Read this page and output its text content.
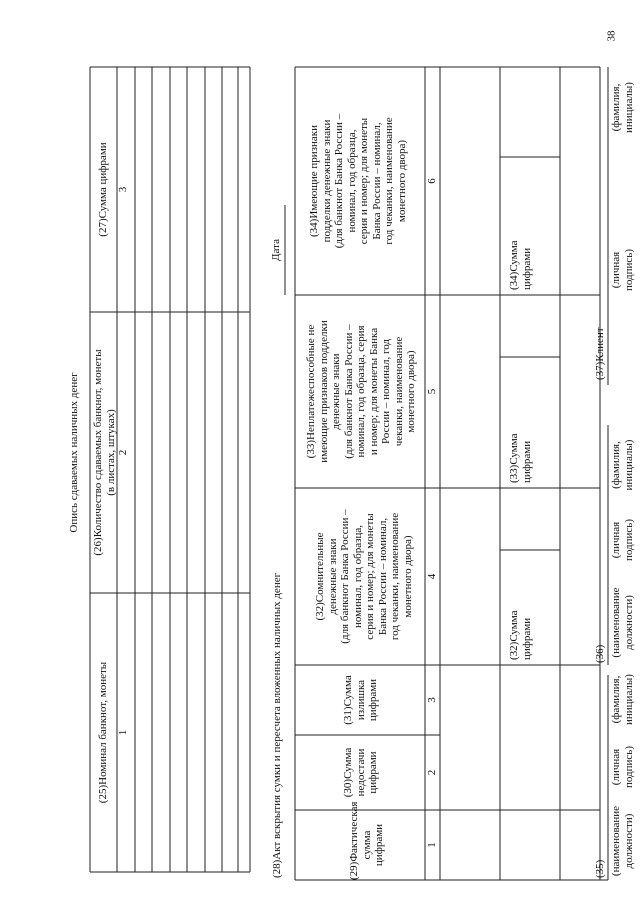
38
Опись сдаваемых наличных денег
(25)Номинал банкнот, монеты
(26)Количество сдаваемых банкнот, монеты
(в листах, штуках)
(27)Сумма цифрами
1
2
3
(28)Акт вскрытия сумки и пересчета вложенных наличных денег
Дата
(29)Фактическая
сумма цифрами
(30)Сумма
недостачи
цифрами
(31)Сумма
излишка
цифрами
(32)Сомнительные
денежные знаки
(для банкнот Банка России –
номинал, год образца,
серия и номер; для монеты
Банка России – номинал,
год чеканки, наименование
монетного двора)
(33)Неплатежеспособные не
имеющие признаков подделки
денежные знаки
(для банкнот Банка России –
номинал, год образца, серия
и номер; для монеты Банка
России – номинал, год
чеканки, наименование
монетного двора)
(34)Имеющие признаки
подделки денежные знаки
(для банкнот Банка России –
номинал, год образца,
серия и номер; для монеты
Банка России – номинал,
год чеканки, наименование
монетного двора)
1
2
3
4
5
6
(32)Сумма
цифрами
(33)Сумма
цифрами
(34)Сумма
цифрами
(35)
(36)
(37)Клиент
(наименование
должности)
(личная
подпись)
(фамилия,
инициалы)
(наименование
должности)
(личная
подпись)
(фамилия,
инициалы)
(личная
подпись)
(фамилия,
инициалы)
